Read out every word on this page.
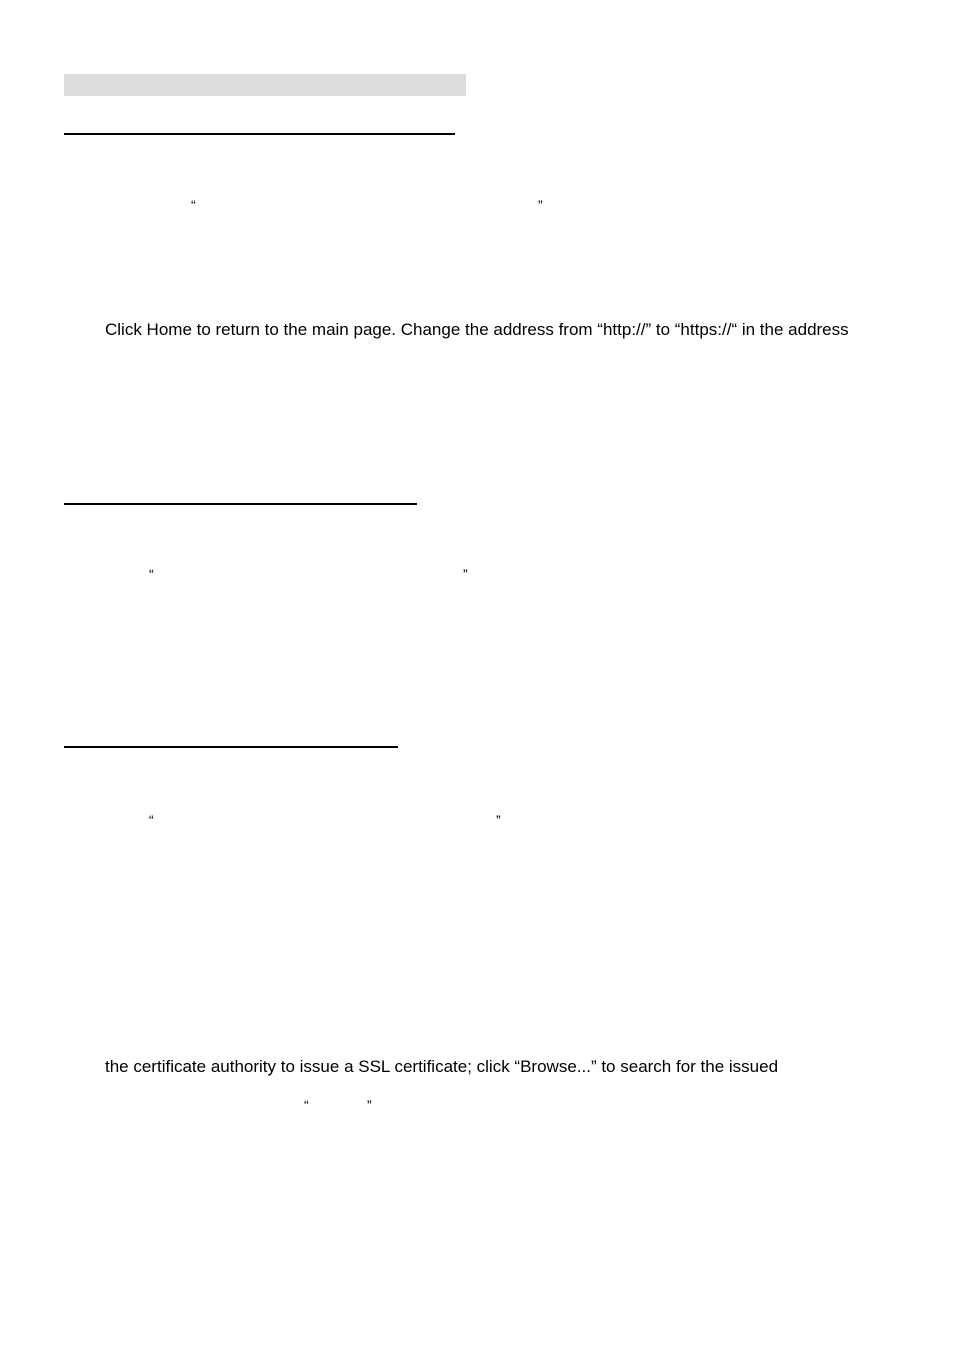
“	”
Click Home to return to the main page. Change the address from “http://” to “https://“ in the address
“	”
“	”
the certificate authority to issue a SSL certificate; click “Browse...” to search for the issued
“	”
